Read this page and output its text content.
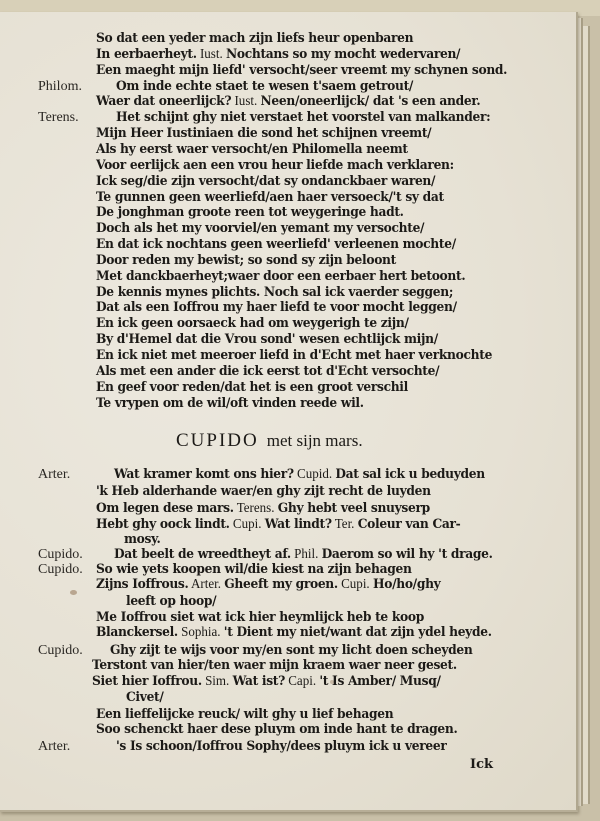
So dat een yeder mach zijn liefs heur openbaren
In eerbaerheyt. Iust. Nochtans so my mocht wedervaren/
Een maeght mijn liefd' versocht/seer vreemt my schynen sond.
Philom.	Om inde echte staet te wesen t'saem getrout/
Waer dat oneerlijck? Iust. Neen/oneerlijck/ dat 's een ander.
Terens.	Het schijnt ghy niet verstaet het voorstel van malkander:
Mijn Heer Iustiniaen die sond het schijnen vreemt/
Als hy eerst waer versocht/en Philomella neemt
Voor eerlijck aen een vrou heur liefde mach verklaren:
Ick seg/die zijn versocht/dat sy ondanckbaer waren/
Te gunnen geen weerliefd/aen haer versoeck/'t sy dat
De jonghman groote reen tot weygeringe hadt.
Doch als het my voorviel/en yemant my versochte/
En dat ick nochtans geen weerliefd' verleenen mochte/
Door reden my bewist; so sond sy zijn beloont
Met danckbaerheyt;waer door een eerbaer hert betoont.
De kennis mynes plichts. Noch sal ick vaerder seggen;
Dat als een Ioffrou my haer liefd te voor mocht leggen/
En ick geen oorsaeck had om weygerigh te zijn/
By d'Hemel dat die Vrou sond' wesen echtlijck mijn/
En ick niet met meeroer liefd in d'Echt met haer verknochte
Als met een ander die ick eerst tot d'Echt versochte/
En geef voor reden/dat het is een groot verschil
Te vrypen om de wil/oft vinden reede wil.
CUPIDO met sijn mars.
Arter.	Wat kramer komt ons hier? Cupid. Dat sal ick u beduyden
'k Heb alderhande waer/en ghy zijt recht de luyden
Om legen dese mars. Terens. Ghy hebt veel snuyserp
Hebt ghy oock lindt. Cupi. Wat lindt? Ter. Coleur van Car-
mosy.
Cupido. Dat beelt de wreedtheyt af. Phil. Daerom so wil hy 't drage.
Cupido. So wie yets koopen wil/die kiest na zijn behagen
Zijns Ioffrous. Arter. Gheeft my groen. Cupi. Ho/ho/ghy
leeft op hoop/
Me Ioffrou siet wat ick hier heymlijck heb te koop
Blanckersel. Sophia. 't Dient my niet/want dat zijn ydel heyde.
Cupido. Ghy zijt te wijs voor my/en sont my licht doen scheyden
Terstont van hier/ten waer mijn kraem waer neer geset.
Siet hier Ioffrou. Sim. Wat ist? Capi. 't Is Amber/ Musq/
Civet/
Een lieffelijcke reuck/ wilt ghy u lief behagen
Soo schenckt haer dese pluym om inde hant te dragen.
Arter.	's Is schoon/Ioffrou Sophy/dees pluym ick u vereer
Ick
